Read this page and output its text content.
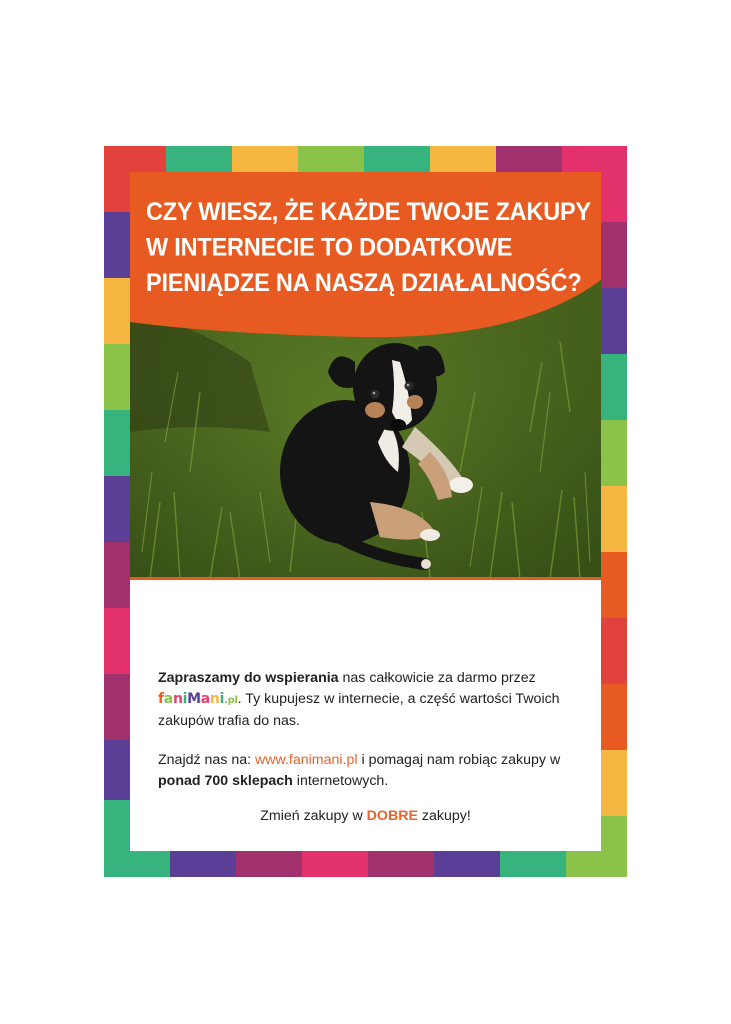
CZY WIESZ, ŻE KAŻDE TWOJE ZAKUPY
W INTERNECIE TO DODATKOWE
PIENIĄDZE NA NASZĄ DZIAŁALNOŚĆ?

Zapraszamy do wspierania nas całkowicie za darmo przez
faniMani.pl. Ty kupujesz w internecie, a część wartości Twoich zakupów trafia do nas.

Znajdź nas na: www.fanimani.pl i pomagaj nam robiąc zakupy w ponad 700 sklepach internetowych.

Zmień zakupy w DOBRE zakupy!
